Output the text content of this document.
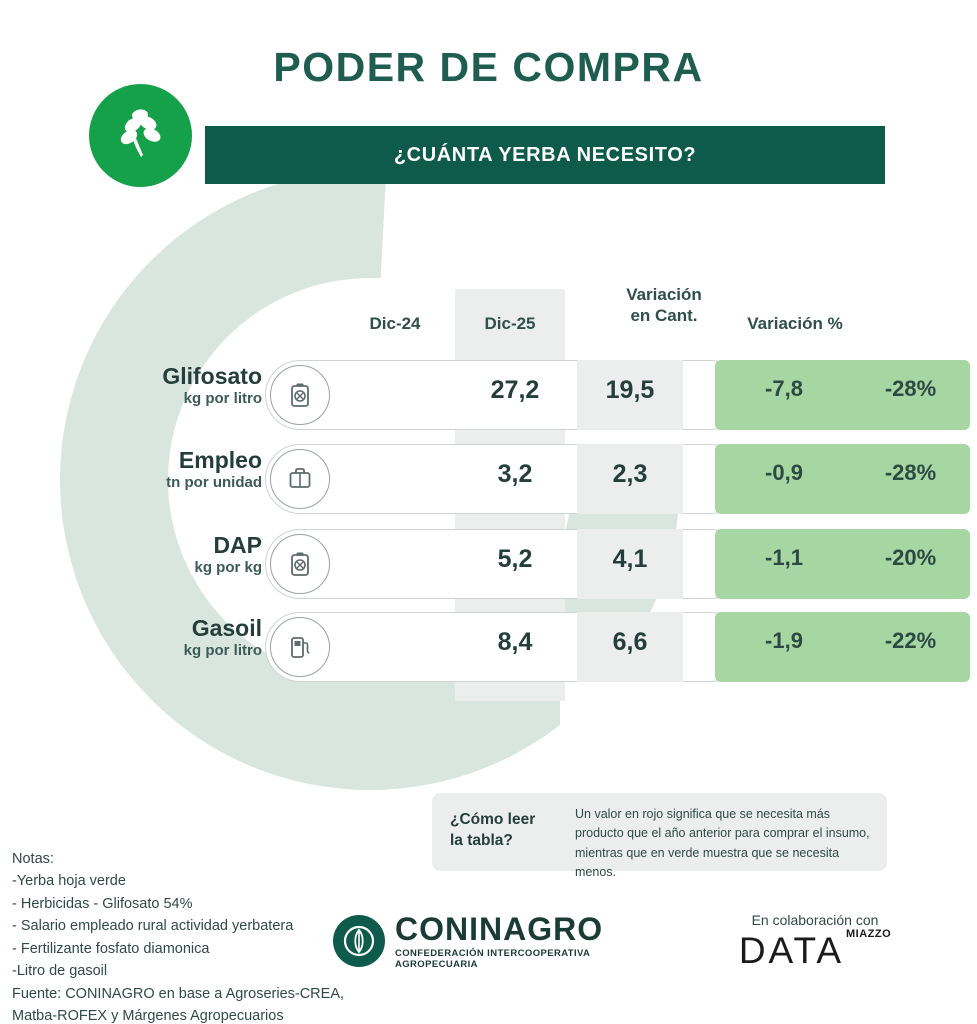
PODER DE COMPRA
¿CUÁNTA YERBA NECESITO?
Dic-24	Dic-25
Variación
en Cant.	Variación %
Glifosato
kg por litro	27,2	19,5	-7,8	-28%
Empleo
tn por unidad	3,2	2,3	-0,9	-28%
DAP
kg por kg	5,2	4,1	-1,1	-20%
Gasoil
kg por litro	8,4	6,6	-1,9	-22%
¿Cómo leer
la tabla?
Un valor en rojo significa que se necesita más producto que el año anterior para comprar el insumo, mientras que en verde muestra que se necesita menos.
Notas:
-Yerba hoja verde
- Herbicidas - Glifosato 54%
- Salario empleado rural actividad yerbatera
- Fertilizante fosfato diamonica
-Litro de gasoil
Fuente: CONINAGRO en base a Agroseries-CREA,
Matba-ROFEX y Márgenes Agropecuarios
CONINAGRO
CONFEDERACIÓN INTERCOOPERATIVA AGROPECUARIA
En colaboración con
DATA $^{MIAZZO}$
